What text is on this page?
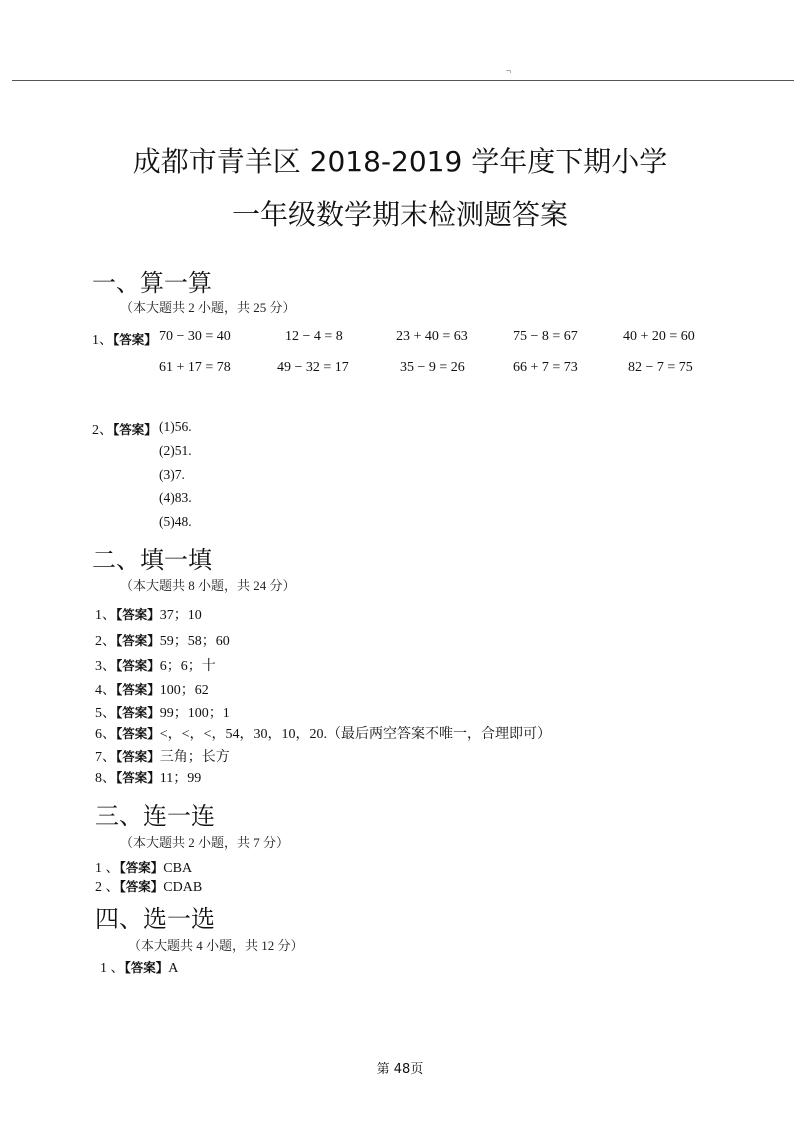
¬
成都市青羊区 2018-2019 学年度下期小学
一年级数学期末检测题答案
一、算一算
（本大题共 2 小题，共 25 分）
1、【答案】 70 − 30 = 40	12 − 4 = 8	23 + 40 = 63	75 − 8 = 67	40 + 20 = 60
61 + 17 = 78	49 − 32 = 17	35 − 9 = 26	66 + 7 = 73	82 − 7 = 75
2、【答案】 (1)56.
(2)51.
(3)7.
(4)83.
(5)48.
二、填一填
（本大题共 8 小题，共 24 分）
1、【答案】37；10
2、【答案】59；58；60
3、【答案】6；6；十
4、【答案】100；62
5、【答案】99；100；1
6、【答案】<，<，<，54，30，10，20.（最后两空答案不唯一，合理即可）
7、【答案】三角；长方
8、【答案】11；99
三、连一连
（本大题共 2 小题，共 7 分）
1 、【答案】CBA
2 、【答案】CDAB
四、选一选
（本大题共 4 小题，共 12 分）
1 、【答案】A
第 48页
